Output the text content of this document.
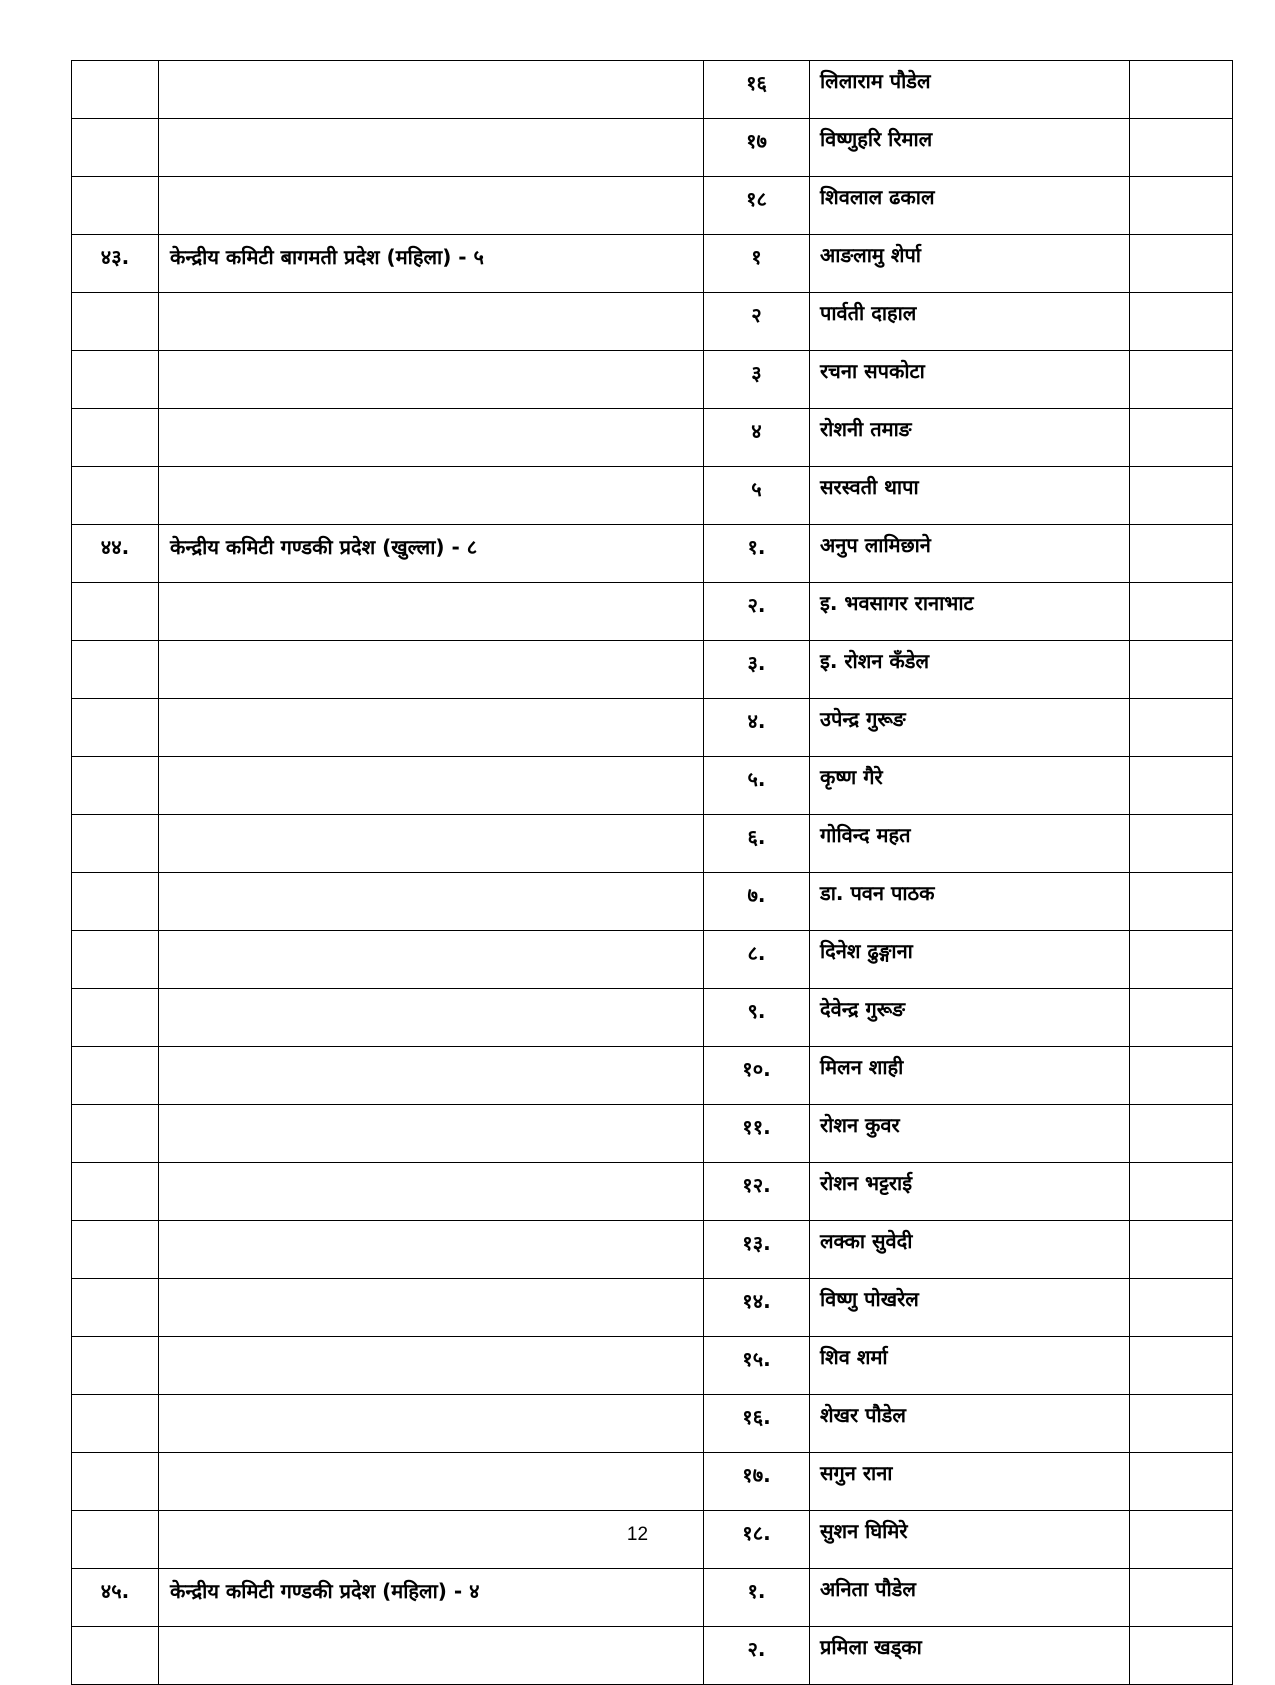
		१६	लिलाराम पौडेल	
		१७	विष्णुहरि रिमाल	
		१८	शिवलाल ढकाल	
४३.	केन्द्रीय कमिटी बागमती प्रदेश (महिला) - ५	१	आङलामु शेर्पा	
		२	पार्वती दाहाल	
		३	रचना सपकोटा	
		४	रोशनी तमाङ	
		५	सरस्वती थापा	
४४.	केन्द्रीय कमिटी गण्डकी प्रदेश (खुल्ला) - ८	१.	अनुप लामिछाने	
		२.	इ. भवसागर रानाभाट	
		३.	इ. रोशन कँडेल	
		४.	उपेन्द्र गुरूङ	
		५.	कृष्ण गैरे	
		६.	गोविन्द महत	
		७.	डा. पवन पाठक	
		८.	दिनेश ढुङ्गाना	
		९.	देवेन्द्र गुरूङ	
		१०.	मिलन शाही	
		११.	रोशन कुवर	
		१२.	रोशन भट्टराई	
		१३.	लक्का सुवेदी	
		१४.	विष्णु पोखरेल	
		१५.	शिव शर्मा	
		१६.	शेखर पौडेल	
		१७.	सगुन राना	
		१८.	सुशन घिमिरे	
४५.	केन्द्रीय कमिटी गण्डकी प्रदेश (महिला) - ४	१.	अनिता पौडेल	
		२.	प्रमिला खड्का	
12
